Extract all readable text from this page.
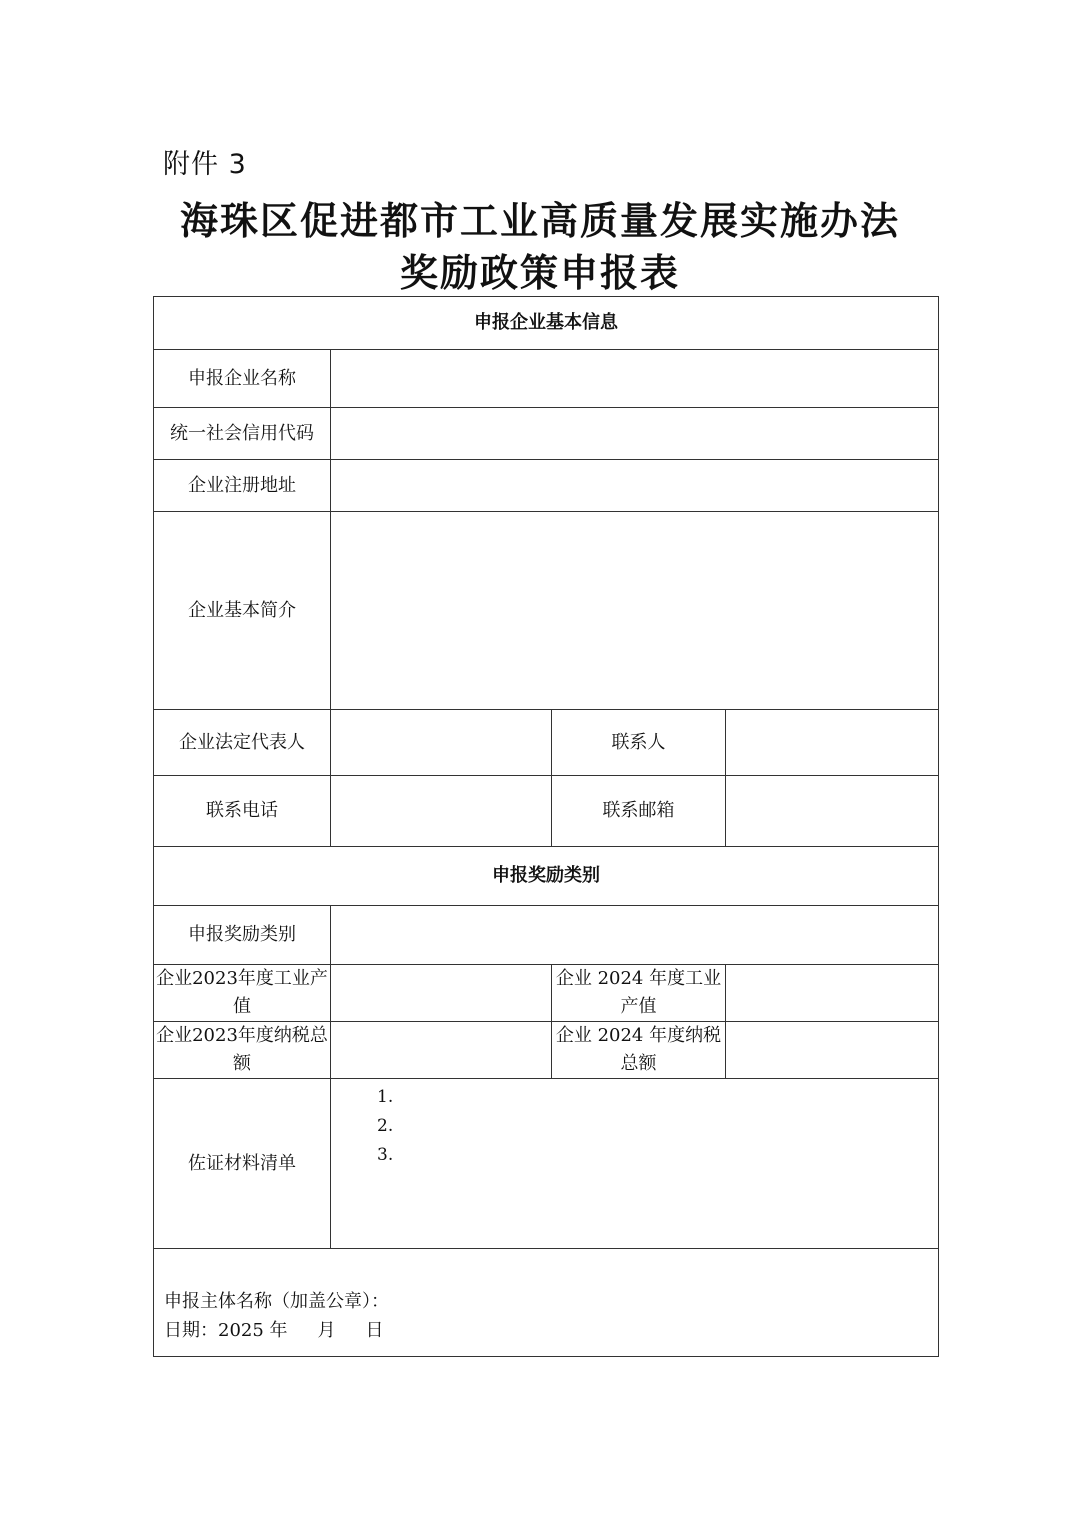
附件 3
海珠区促进都市工业高质量发展实施办法
奖励政策申报表
申报企业基本信息			
申报企业名称			
统一社会信用代码			
企业注册地址			
企业基本简介			
企业法定代表人		联系人	
联系电话		联系邮箱	
申报奖励类别			
申报奖励类别			
企业2023年度工业产值		企业 2024 年度工业产值	
企业2023年度纳税总额		企业 2024 年度纳税总额	
佐证材料清单	1.
2.
3.		

申报主体名称（加盖公章）：
日期：2025 年 月 日			
